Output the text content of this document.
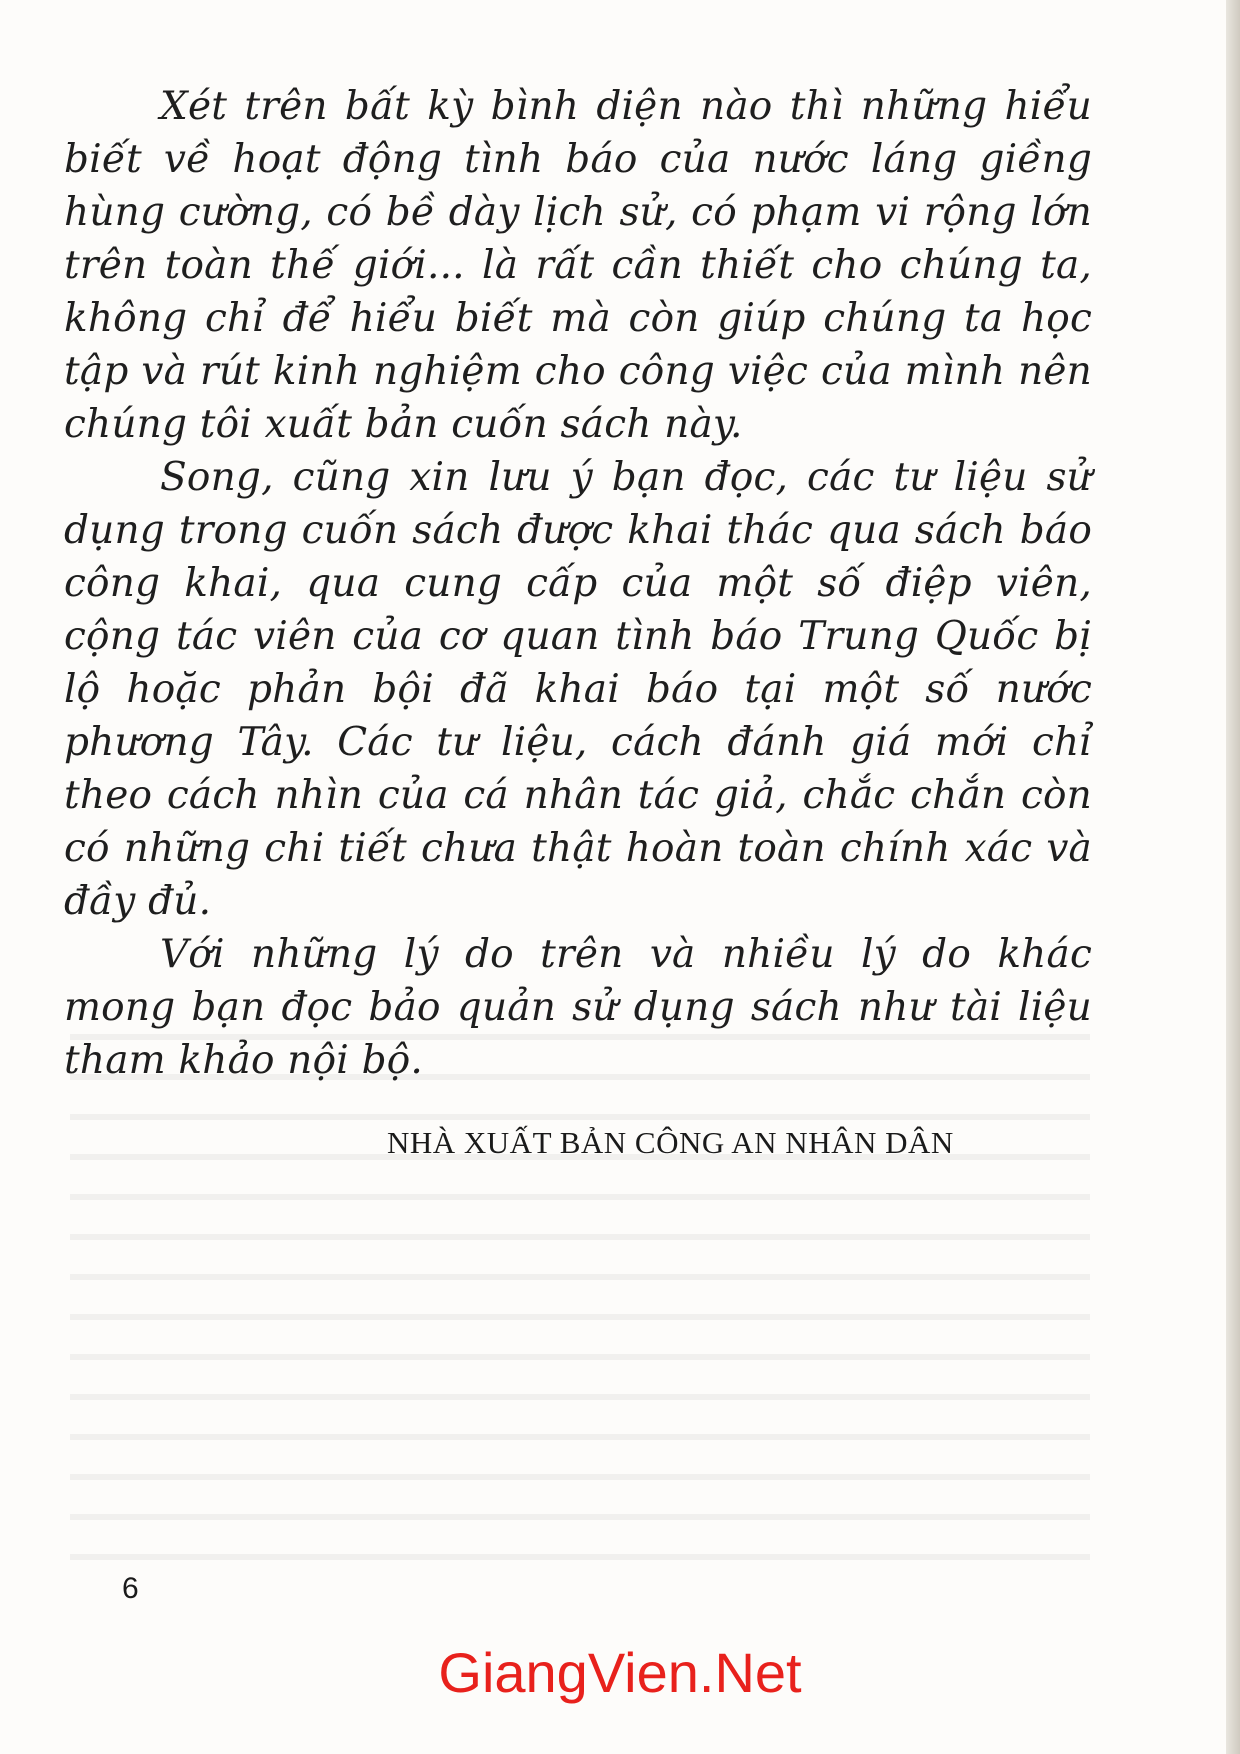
Xét trên bất kỳ bình diện nào thì những hiểu biết về hoạt động tình báo của nước láng giềng hùng cường, có bề dày lịch sử, có phạm vi rộng lớn trên toàn thế giới... là rất cần thiết cho chúng ta, không chỉ để hiểu biết mà còn giúp chúng ta học tập và rút kinh nghiệm cho công việc của mình nên chúng tôi xuất bản cuốn sách này.

Song, cũng xin lưu ý bạn đọc, các tư liệu sử dụng trong cuốn sách được khai thác qua sách báo công khai, qua cung cấp của một số điệp viên, cộng tác viên của cơ quan tình báo Trung Quốc bị lộ hoặc phản bội đã khai báo tại một số nước phương Tây. Các tư liệu, cách đánh giá mới chỉ theo cách nhìn của cá nhân tác giả, chắc chắn còn có những chi tiết chưa thật hoàn toàn chính xác và đầy đủ.

Với những lý do trên và nhiều lý do khác mong bạn đọc bảo quản sử dụng sách như tài liệu tham khảo nội bộ.

NHÀ XUẤT BẢN CÔNG AN NHÂN DÂN
6
GiangVien.Net
